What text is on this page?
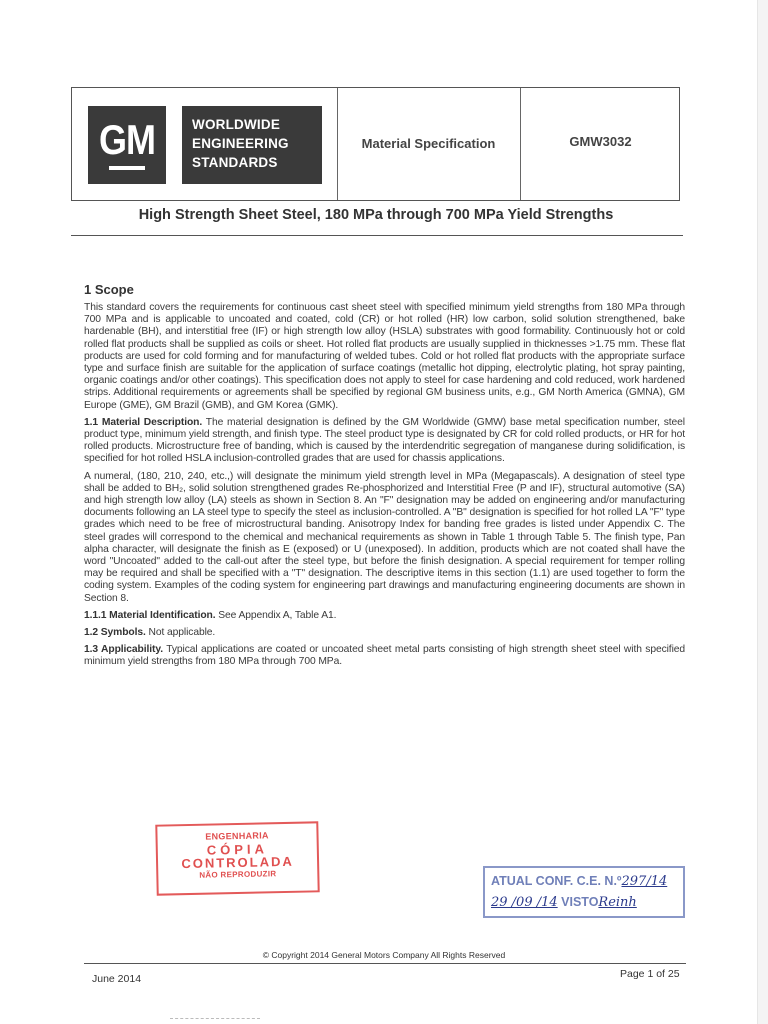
GM	WORLDWIDE
ENGINEERING
STANDARDS
Material Specification	GMW3032
High Strength Sheet Steel, 180 MPa through 700 MPa Yield Strengths
1 Scope

This standard covers the requirements for continuous cast sheet steel with specified minimum yield strengths from 180 MPa through 700 MPa and is applicable to uncoated and coated, cold (CR) or hot rolled (HR) low carbon, solid solution strengthened, bake hardenable (BH), and interstitial free (IF) or high strength low alloy (HSLA) substrates with good formability. Continuously hot or cold rolled flat products shall be supplied as coils or sheet. Hot rolled flat products are usually supplied in thicknesses >1.75 mm. These flat products are used for cold forming and for manufacturing of welded tubes. Cold or hot rolled flat products with the appropriate surface type and surface finish are suitable for the application of surface coatings (metallic hot dipping, electrolytic plating, hot spray painting, organic coatings and/or other coatings). This specification does not apply to steel for case hardening and cold reduced, work hardened strips. Additional requirements or agreements shall be specified by regional GM business units, e.g., GM North America (GMNA), GM Europe (GME), GM Brazil (GMB), and GM Korea (GMK).

1.1 Material Description. The material designation is defined by the GM Worldwide (GMW) base metal specification number, steel product type, minimum yield strength, and finish type. The steel product type is designated by CR for cold rolled products, or HR for hot rolled products. Microstructure free of banding, which is caused by the interdendritic segregation of manganese during solidification, is specified for hot rolled HSLA inclusion-controlled grades that are used for chassis applications.

A numeral, (180, 210, 240, etc.,) will designate the minimum yield strength level in MPa (Megapascals). A designation of steel type shall be added to BH₂, solid solution strengthened grades Re-phosphorized and Interstitial Free (P and IF), structural automotive (SA) and high strength low alloy (LA) steels as shown in Section 8. An "F" designation may be added on engineering and/or manufacturing documents following an LA steel type to specify the steel as inclusion-controlled. A "B" designation is specified for hot rolled LA "F" type grades which need to be free of microstructural banding. Anisotropy Index for banding free grades is listed under Appendix C. The steel grades will correspond to the chemical and mechanical requirements as shown in Table 1 through Table 5. The finish type, Pan alpha character, will designate the finish as E (exposed) or U (unexposed). In addition, products which are not coated shall have the word "Uncoated" added to the call-out after the steel type, but before the finish designation. A special requirement for temper rolling may be required and shall be specified with a "T" designation. The descriptive items in this section (1.1) are used together to form the coding system. Examples of the coding system for engineering part drawings and manufacturing engineering documents are shown in Section 8.

1.1.1 Material Identification. See Appendix A, Table A1.

1.2 Symbols. Not applicable.

1.3 Applicability. Typical applications are coated or uncoated sheet metal parts consisting of high strength sheet steel with specified minimum yield strengths from 180 MPa through 700 MPa.

ENGENHARIA
CÓPIA
CONTROLADA
NÃO REPRODUZIR	ATUAL CONF. C.E. N.º297/14
29 /09 /14 VISTOReinh
© Copyright 2014 General Motors Company All Rights Reserved
June 2014	Page 1 of 25
